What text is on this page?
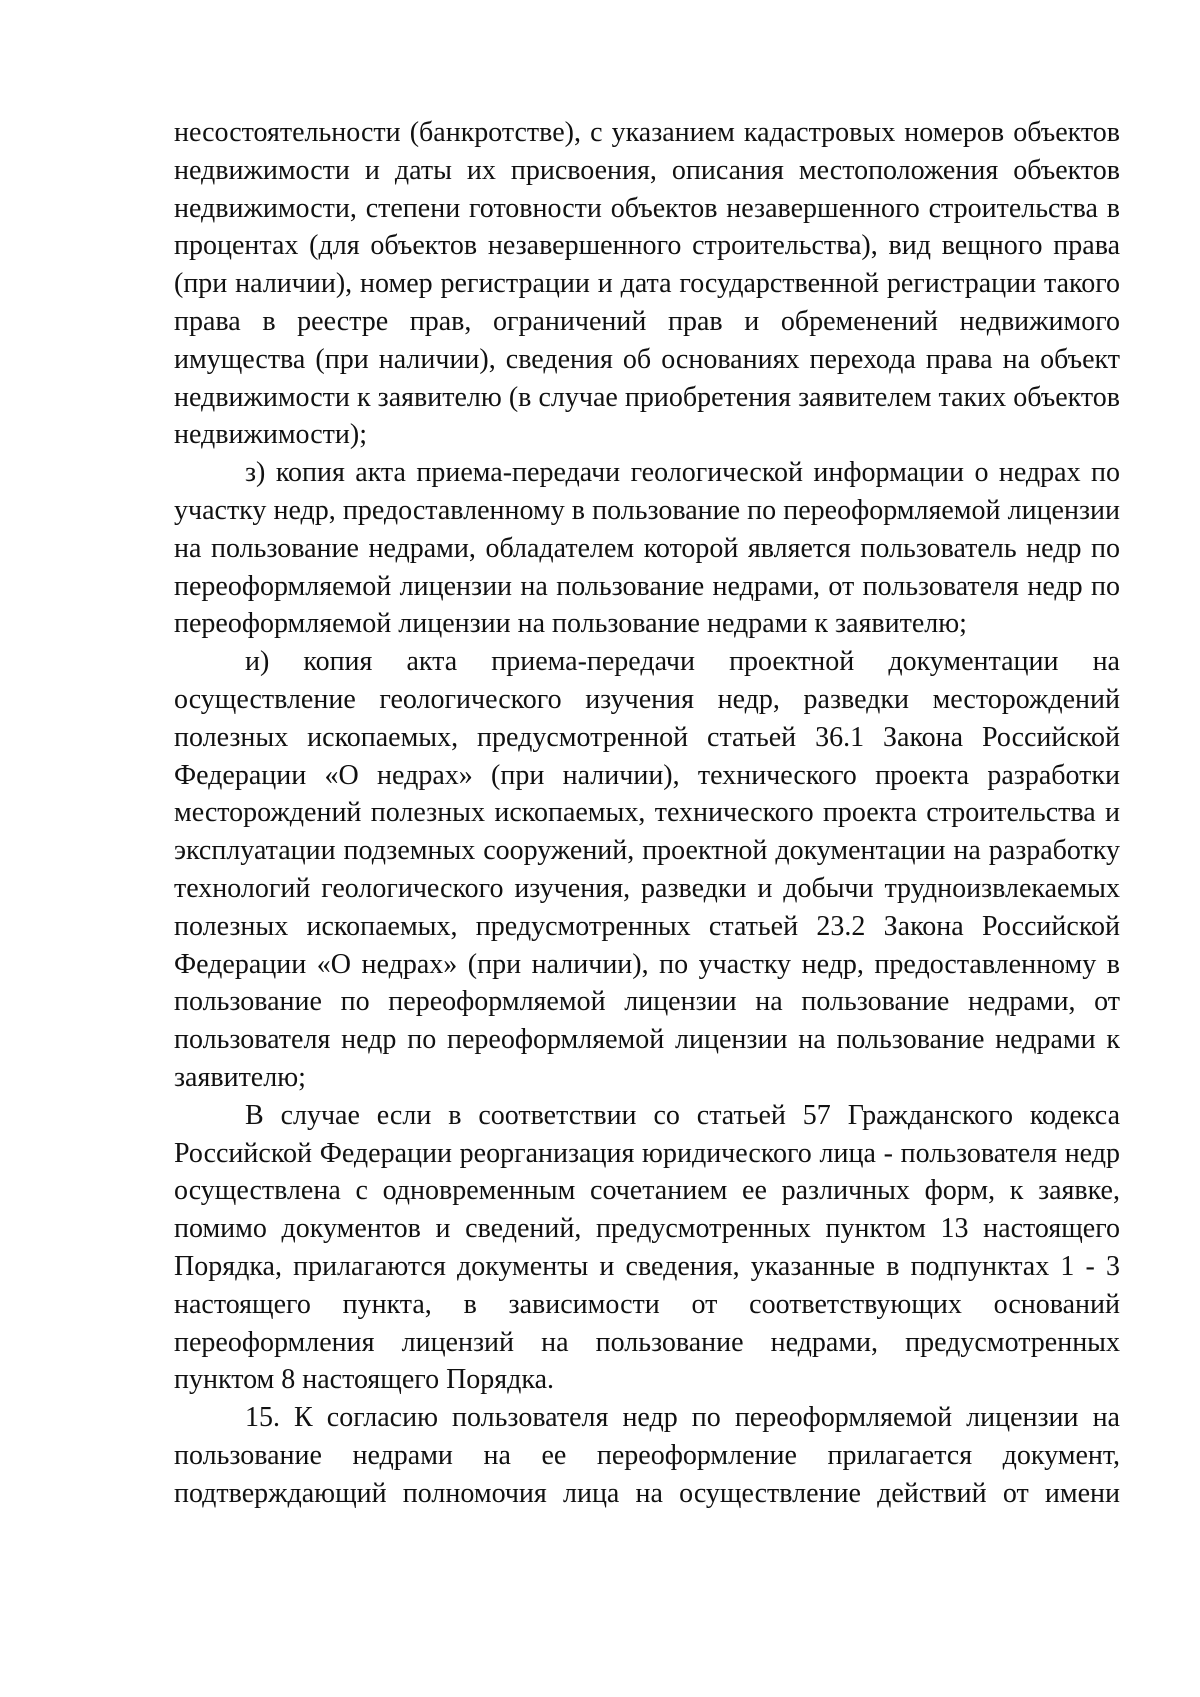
несостоятельности (банкротстве), с указанием кадастровых номеров объектов недвижимости и даты их присвоения, описания местоположения объектов недвижимости, степени готовности объектов незавершенного строительства в процентах (для объектов незавершенного строительства), вид вещного права (при наличии), номер регистрации и дата государственной регистрации такого права в реестре прав, ограничений прав и обременений недвижимого имущества (при наличии), сведения об основаниях перехода права на объект недвижимости к заявителю (в случае приобретения заявителем таких объектов недвижимости);

з) копия акта приема-передачи геологической информации о недрах по участку недр, предоставленному в пользование по переоформляемой лицензии на пользование недрами, обладателем которой является пользователь недр по переоформляемой лицензии на пользование недрами, от пользователя недр по переоформляемой лицензии на пользование недрами к заявителю;

и) копия акта приема-передачи проектной документации на осуществление геологического изучения недр, разведки месторождений полезных ископаемых, предусмотренной статьей 36.1 Закона Российской Федерации «О недрах» (при наличии), технического проекта разработки месторождений полезных ископаемых, технического проекта строительства и эксплуатации подземных сооружений, проектной документации на разработку технологий геологического изучения, разведки и добычи трудноизвлекаемых полезных ископаемых, предусмотренных статьей 23.2 Закона Российской Федерации «О недрах» (при наличии), по участку недр, предоставленному в пользование по переоформляемой лицензии на пользование недрами, от пользователя недр по переоформляемой лицензии на пользование недрами к заявителю;

В случае если в соответствии со статьей 57 Гражданского кодекса Российской Федерации реорганизация юридического лица - пользователя недр осуществлена с одновременным сочетанием ее различных форм, к заявке, помимо документов и сведений, предусмотренных пунктом 13 настоящего Порядка, прилагаются документы и сведения, указанные в подпунктах 1 - 3 настоящего пункта, в зависимости от соответствующих оснований переоформления лицензий на пользование недрами, предусмотренных пунктом 8 настоящего Порядка.

15. К согласию пользователя недр по переоформляемой лицензии на пользование недрами на ее переоформление прилагается документ, подтверждающий полномочия лица на осуществление действий от имени
